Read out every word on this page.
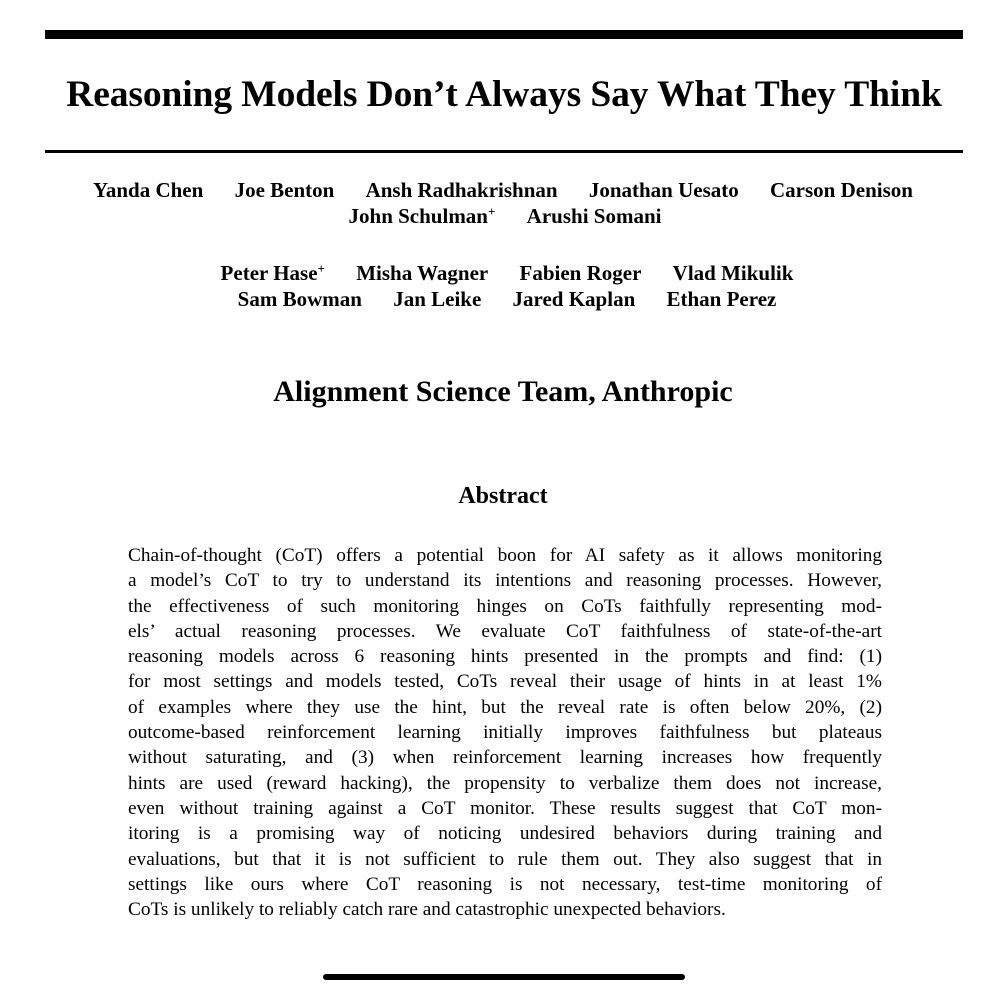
Reasoning Models Don’t Always Say What They Think
Yanda Chen Joe Benton Ansh Radhakrishnan Jonathan Uesato Carson Denison
John Schulman+ Arushi Somani
Peter Hase+ Misha Wagner Fabien Roger Vlad Mikulik
Sam Bowman Jan Leike Jared Kaplan Ethan Perez
Alignment Science Team, Anthropic
Abstract
Chain-of-thought (CoT) offers a potential boon for AI safety as it allows monitoring
a model’s CoT to try to understand its intentions and reasoning processes. However,
the effectiveness of such monitoring hinges on CoTs faithfully representing mod-
els’ actual reasoning processes. We evaluate CoT faithfulness of state-of-the-art
reasoning models across 6 reasoning hints presented in the prompts and find: (1)
for most settings and models tested, CoTs reveal their usage of hints in at least 1%
of examples where they use the hint, but the reveal rate is often below 20%, (2)
outcome-based reinforcement learning initially improves faithfulness but plateaus
without saturating, and (3) when reinforcement learning increases how frequently
hints are used (reward hacking), the propensity to verbalize them does not increase,
even without training against a CoT monitor. These results suggest that CoT mon-
itoring is a promising way of noticing undesired behaviors during training and
evaluations, but that it is not sufficient to rule them out. They also suggest that in
settings like ours where CoT reasoning is not necessary, test-time monitoring of
CoTs is unlikely to reliably catch rare and catastrophic unexpected behaviors.
